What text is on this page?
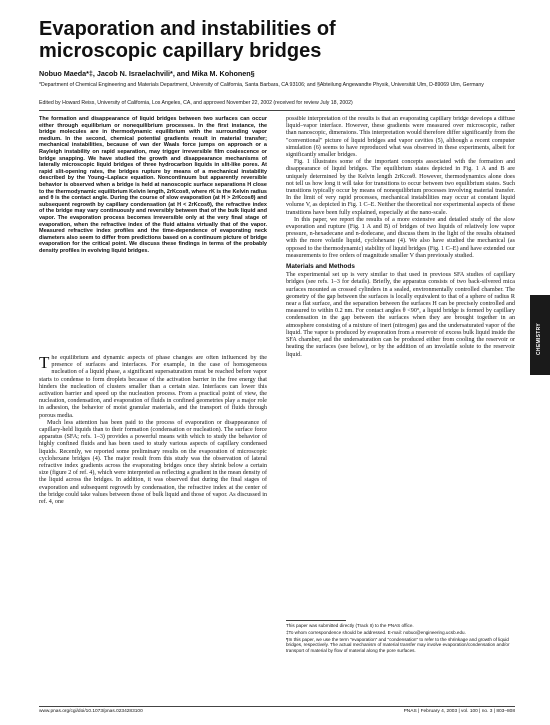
Evaporation and instabilities of microscopic capillary bridges
Nobuo Maeda*‡, Jacob N. Israelachvili*, and Mika M. Kohonen§
*Department of Chemical Engineering and Materials Department, University of California, Santa Barbara, CA 93106; and §Abteilung Angewandte Physik, Universität Ulm, D-89069 Ulm, Germany
Edited by Howard Reiss, University of California, Los Angeles, CA, and approved November 22, 2002 (received for review July 18, 2002)
The formation and disappearance of liquid bridges between two surfaces can occur either through equilibrium or nonequilibrium processes. In the first instance, the bridge molecules are in thermodynamic equilibrium with the surrounding vapor medium. In the second, chemical potential gradients result in material transfer; mechanical instabilities, because of van der Waals force jumps on approach or a Rayleigh instability on rapid separation, may trigger irreversible film coalescence or bridge snapping. We have studied the growth and disappearance mechanisms of laterally microscopic liquid bridges of three hydrocarbon liquids in slit-like pores. At rapid slit-opening rates, the bridges rupture by means of a mechanical instability described by the Young–Laplace equation. Noncontinuum but apparently reversible behavior is observed when a bridge is held at nanoscopic surface separations H close to the thermodynamic equilibrium Kelvin length, 2rKcosθ, where rK is the Kelvin radius and θ is the contact angle. During the course of slow evaporation (at H > 2rKcosθ) and subsequent regrowth by capillary condensation (at H < 2rKcosθ), the refractive index of the bridge may vary continuously and reversibly between that of the bulk liquid and vapor. The evaporation process becomes irreversible only at the very final stage of evaporation, when the refractive index of the fluid attains virtually that of the vapor. Measured refractive index profiles and the time-dependence of evaporating neck diameters also seem to differ from predictions based on a continuum picture of bridge evaporation for the critical point. We discuss these findings in terms of the probably density profiles in evolving liquid bridges.

The equilibrium and dynamic aspects of phase changes are often influenced by the presence of surfaces and interfaces. For example, in the case of homogeneous nucleation of a liquid phase, a significant supersaturation must be reached before vapor starts to condense to form droplets because of the activation barrier in the free energy that hinders the nucleation of clusters smaller than a certain size. Interfaces can lower this activation barrier and speed up the nucleation process. From a practical point of view, the nucleation, condensation, and evaporation of fluids in confined geometries play a major role in adhesion, the behavior of moist granular materials, and the transport of fluids through porous media.

Much less attention has been paid to the process of evaporation or disappearance of capillary-held liquids than to their formation (condensation or nucleation). The surface force apparatus (SFA; refs. 1–3) provides a powerful means with which to study the behavior of highly confined fluids and has been used to study various aspects of capillary condensed liquids. Recently, we reported some preliminary results on the evaporation of microscopic cyclohexane bridges (4). The major result from this study was the observation of lateral refractive index gradients across the evaporating bridges once they shrink below a certain size (figure 2 of ref. 4), which were interpreted as reflecting a gradient in the mean density of the liquid across the bridges. In addition, it was observed that during the final stages of evaporation and subsequent regrowth by condensation, the refractive index at the center of the bridge could take values between those of bulk liquid and those of vapor. As discussed in ref. 4, one

possible interpretation of the results is that an evaporating capillary bridge develops a diffuse liquid–vapor interface. However, these gradients were measured over microscopic, rather than nanoscopic, dimensions. This interpretation would therefore differ significantly from the "conventional" picture of liquid bridges and vapor cavities (5), although a recent computer simulation (6) seems to have reproduced what was observed in these experiments, albeit for significantly smaller bridges.

Fig. 1 illustrates some of the important concepts associated with the formation and disappearance of liquid bridges. The equilibrium states depicted in Fig. 1 A and B are uniquely determined by the Kelvin length 2rKcosθ. However, thermodynamics alone does not tell us how long it will take for transitions to occur between two equilibrium states. Such transitions typically occur by means of nonequilibrium processes involving material transfer. In the limit of very rapid processes, mechanical instabilities may occur at constant liquid volume V, as depicted in Fig. 1 C–E. Neither the theoretical nor experimental aspects of these transitions have been fully explained, especially at the nano-scale.

In this paper, we report the results of a more extensive and detailed study of the slow evaporation and rupture (Fig. 1 A and B) of bridges of two liquids of relatively low vapor pressure, n-hexadecane and n-dodecane, and discuss them in the light of the results obtained with the more volatile liquid, cyclohexane (4). We also have studied the mechanical (as opposed to the thermodynamic) stability of liquid bridges (Fig. 1 C–E) and have extended our measurements to five orders of magnitude smaller V than previously studied.

Materials and Methods

The experimental set up is very similar to that used in previous SFA studies of capillary bridges (see refs. 1–3 for details). Briefly, the apparatus consists of two back-silvered mica surfaces mounted as crossed cylinders in a sealed, environmentally controlled chamber. The geometry of the gap between the surfaces is locally equivalent to that of a sphere of radius R near a flat surface, and the separation between the surfaces H can be precisely controlled and measured to within 0.2 nm. For contact angles θ <90°, a liquid bridge is formed by capillary condensation in the gap between the surfaces when they are brought together in an atmosphere consisting of a mixture of inert (nitrogen) gas and the undersaturated vapor of the liquid. The vapor is produced by evaporation from a reservoir of excess bulk liquid inside the SFA chamber, and the undersaturation can be produced either from cooling the reservoir or heating the surfaces (see below), or by the addition of an involatile solute to the reservoir liquid.

This paper was submitted directly (Track II) to the PNAS office.
‡To whom correspondence should be addressed. E-mail: nobuo@engineering.ucsb.edu.
¶In this paper, we use the term "evaporation" and "condensation" to refer to the shrinkage and growth of liquid bridges, respectively. The actual mechanism of material transfer may involve evaporation/condensation and/or transport of material by flow of material along the pore surfaces.
www.pnas.org/cgi/doi/10.1073/pnas.0234283100	PNAS | February 4, 2003 | vol. 100 | no. 3 | 803–808
CHEMISTRY
